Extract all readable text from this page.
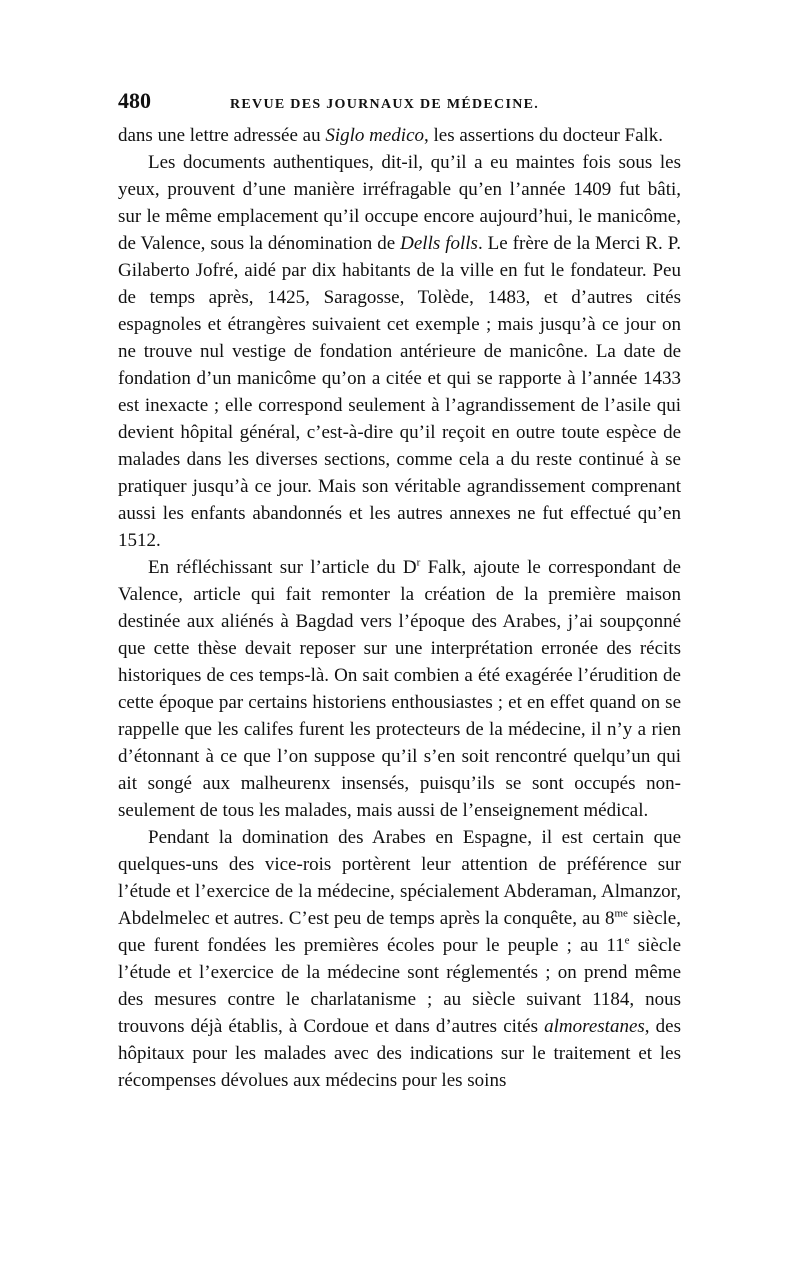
480	REVUE DES JOURNAUX DE MÉDECINE.

dans une lettre adressée au Siglo medico, les assertions du docteur Falk.

Les documents authentiques, dit-il, qu’il a eu maintes fois sous les yeux, prouvent d’une manière irréfragable qu’en l’année 1409 fut bâti, sur le même emplacement qu’il occupe encore aujourd’hui, le manicôme, de Valence, sous la dénomination de Dells folls. Le frère de la Merci R. P. Gilaberto Jofré, aidé par dix habitants de la ville en fut le fondateur. Peu de temps après, 1425, Saragosse, Tolède, 1483, et d’autres cités espagnoles et étrangères suivaient cet exemple ; mais jusqu’à ce jour on ne trouve nul vestige de fondation antérieure de manicône. La date de fondation d’un manicôme qu’on a citée et qui se rapporte à l’année 1433 est inexacte ; elle correspond seulement à l’agrandissement de l’asile qui devient hôpital général, c’est-à-dire qu’il reçoit en outre toute espèce de malades dans les diverses sections, comme cela a du reste continué à se pratiquer jusqu’à ce jour. Mais son véritable agrandissement comprenant aussi les enfants abandonnés et les autres annexes ne fut effectué qu’en 1512.

En réfléchissant sur l’article du $D^r$ Falk, ajoute le correspondant de Valence, article qui fait remonter la création de la première maison destinée aux aliénés à Bagdad vers l’époque des Arabes, j’ai soupçonné que cette thèse devait reposer sur une interprétation erronée des récits historiques de ces temps-là. On sait combien a été exagérée l’érudition de cette époque par certains historiens enthousiastes ; et en effet quand on se rappelle que les califes furent les protecteurs de la médecine, il n’y a rien d’étonnant à ce que l’on suppose qu’il s’en soit rencontré quelqu’un qui ait songé aux malheurenx insensés, puisqu’ils se sont occupés non-seulement de tous les malades, mais aussi de l’enseignement médical.

Pendant la domination des Arabes en Espagne, il est certain que quelques-uns des vice-rois portèrent leur attention de préférence sur l’étude et l’exercice de la médecine, spécialement Abderaman, Almanzor, Abdelmelec et autres. C’est peu de temps après la conquête, au $8^{me}$ siècle, que furent fondées les premières écoles pour le peuple ; au 11e siècle l’étude et l’exercice de la médecine sont réglementés ; on prend même des mesures contre le charlatanisme ; au siècle suivant 1184, nous trouvons déjà établis, à Cordoue et dans d’autres cités almorestanes, des hôpitaux pour les malades avec des indications sur le traitement et les récompenses dévolues aux médecins pour les soins
